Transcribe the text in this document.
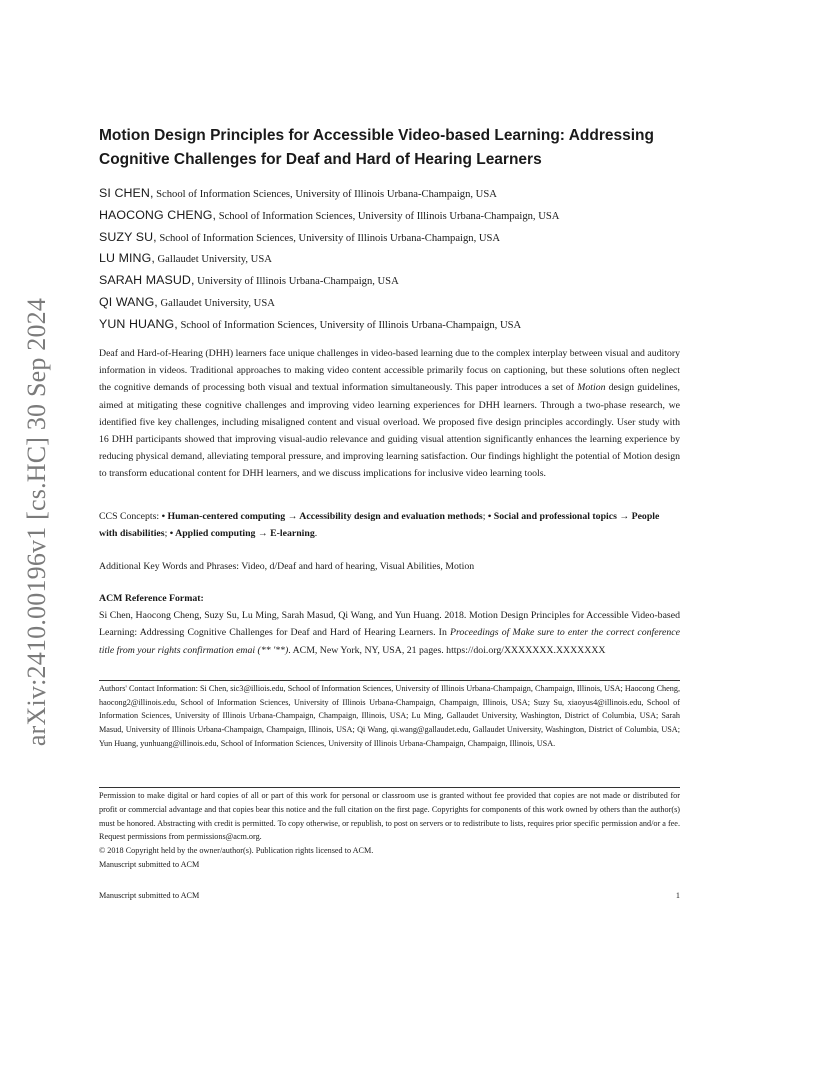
arXiv:2410.00196v1 [cs.HC] 30 Sep 2024
Motion Design Principles for Accessible Video-based Learning: Addressing Cognitive Challenges for Deaf and Hard of Hearing Learners
SI CHEN, School of Information Sciences, University of Illinois Urbana-Champaign, USA
HAOCONG CHENG, School of Information Sciences, University of Illinois Urbana-Champaign, USA
SUZY SU, School of Information Sciences, University of Illinois Urbana-Champaign, USA
LU MING, Gallaudet University, USA
SARAH MASUD, University of Illinois Urbana-Champaign, USA
QI WANG, Gallaudet University, USA
YUN HUANG, School of Information Sciences, University of Illinois Urbana-Champaign, USA

Deaf and Hard-of-Hearing (DHH) learners face unique challenges in video-based learning due to the complex interplay between visual and auditory information in videos. Traditional approaches to making video content accessible primarily focus on captioning, but these solutions often neglect the cognitive demands of processing both visual and textual information simultaneously. This paper introduces a set of Motion design guidelines, aimed at mitigating these cognitive challenges and improving video learning experiences for DHH learners. Through a two-phase research, we identified five key challenges, including misaligned content and visual overload. We proposed five design principles accordingly. User study with 16 DHH participants showed that improving visual-audio relevance and guiding visual attention significantly enhances the learning experience by reducing physical demand, alleviating temporal pressure, and improving learning satisfaction. Our findings highlight the potential of Motion design to transform educational content for DHH learners, and we discuss implications for inclusive video learning tools.

CCS Concepts: • Human-centered computing → Accessibility design and evaluation methods; • Social and professional topics → People with disabilities; • Applied computing → E-learning.

Additional Key Words and Phrases: Video, d/Deaf and hard of hearing, Visual Abilities, Motion

ACM Reference Format:

Si Chen, Haocong Cheng, Suzy Su, Lu Ming, Sarah Masud, Qi Wang, and Yun Huang. 2018. Motion Design Principles for Accessible Video-based Learning: Addressing Cognitive Challenges for Deaf and Hard of Hearing Learners. In Proceedings of Make sure to enter the correct conference title from your rights confirmation emai (** '**). ACM, New York, NY, USA, 21 pages. https://doi.org/XXXXXXX.XXXXXXX

Authors' Contact Information: Si Chen, sic3@illiois.edu, School of Information Sciences, University of Illinois Urbana-Champaign, Champaign, Illinois, USA; Haocong Cheng, haocong2@illinois.edu, School of Information Sciences, University of Illinois Urbana-Champaign, Champaign, Illinois, USA; Suzy Su, xiaoyus4@illinois.edu, School of Information Sciences, University of Illinois Urbana-Champaign, Champaign, Illinois, USA; Lu Ming, Gallaudet University, Washington, District of Columbia, USA; Sarah Masud, University of Illinois Urbana-Champaign, Champaign, Illinois, USA; Qi Wang, qi.wang@gallaudet.edu, Gallaudet University, Washington, District of Columbia, USA; Yun Huang, yunhuang@illinois.edu, School of Information Sciences, University of Illinois Urbana-Champaign, Champaign, Illinois, USA.

Permission to make digital or hard copies of all or part of this work for personal or classroom use is granted without fee provided that copies are not made or distributed for profit or commercial advantage and that copies bear this notice and the full citation on the first page. Copyrights for components of this work owned by others than the author(s) must be honored. Abstracting with credit is permitted. To copy otherwise, or republish, to post on servers or to redistribute to lists, requires prior specific permission and/or a fee. Request permissions from permissions@acm.org.

© 2018 Copyright held by the owner/author(s). Publication rights licensed to ACM.
Manuscript submitted to ACM
Manuscript submitted to ACM	1
